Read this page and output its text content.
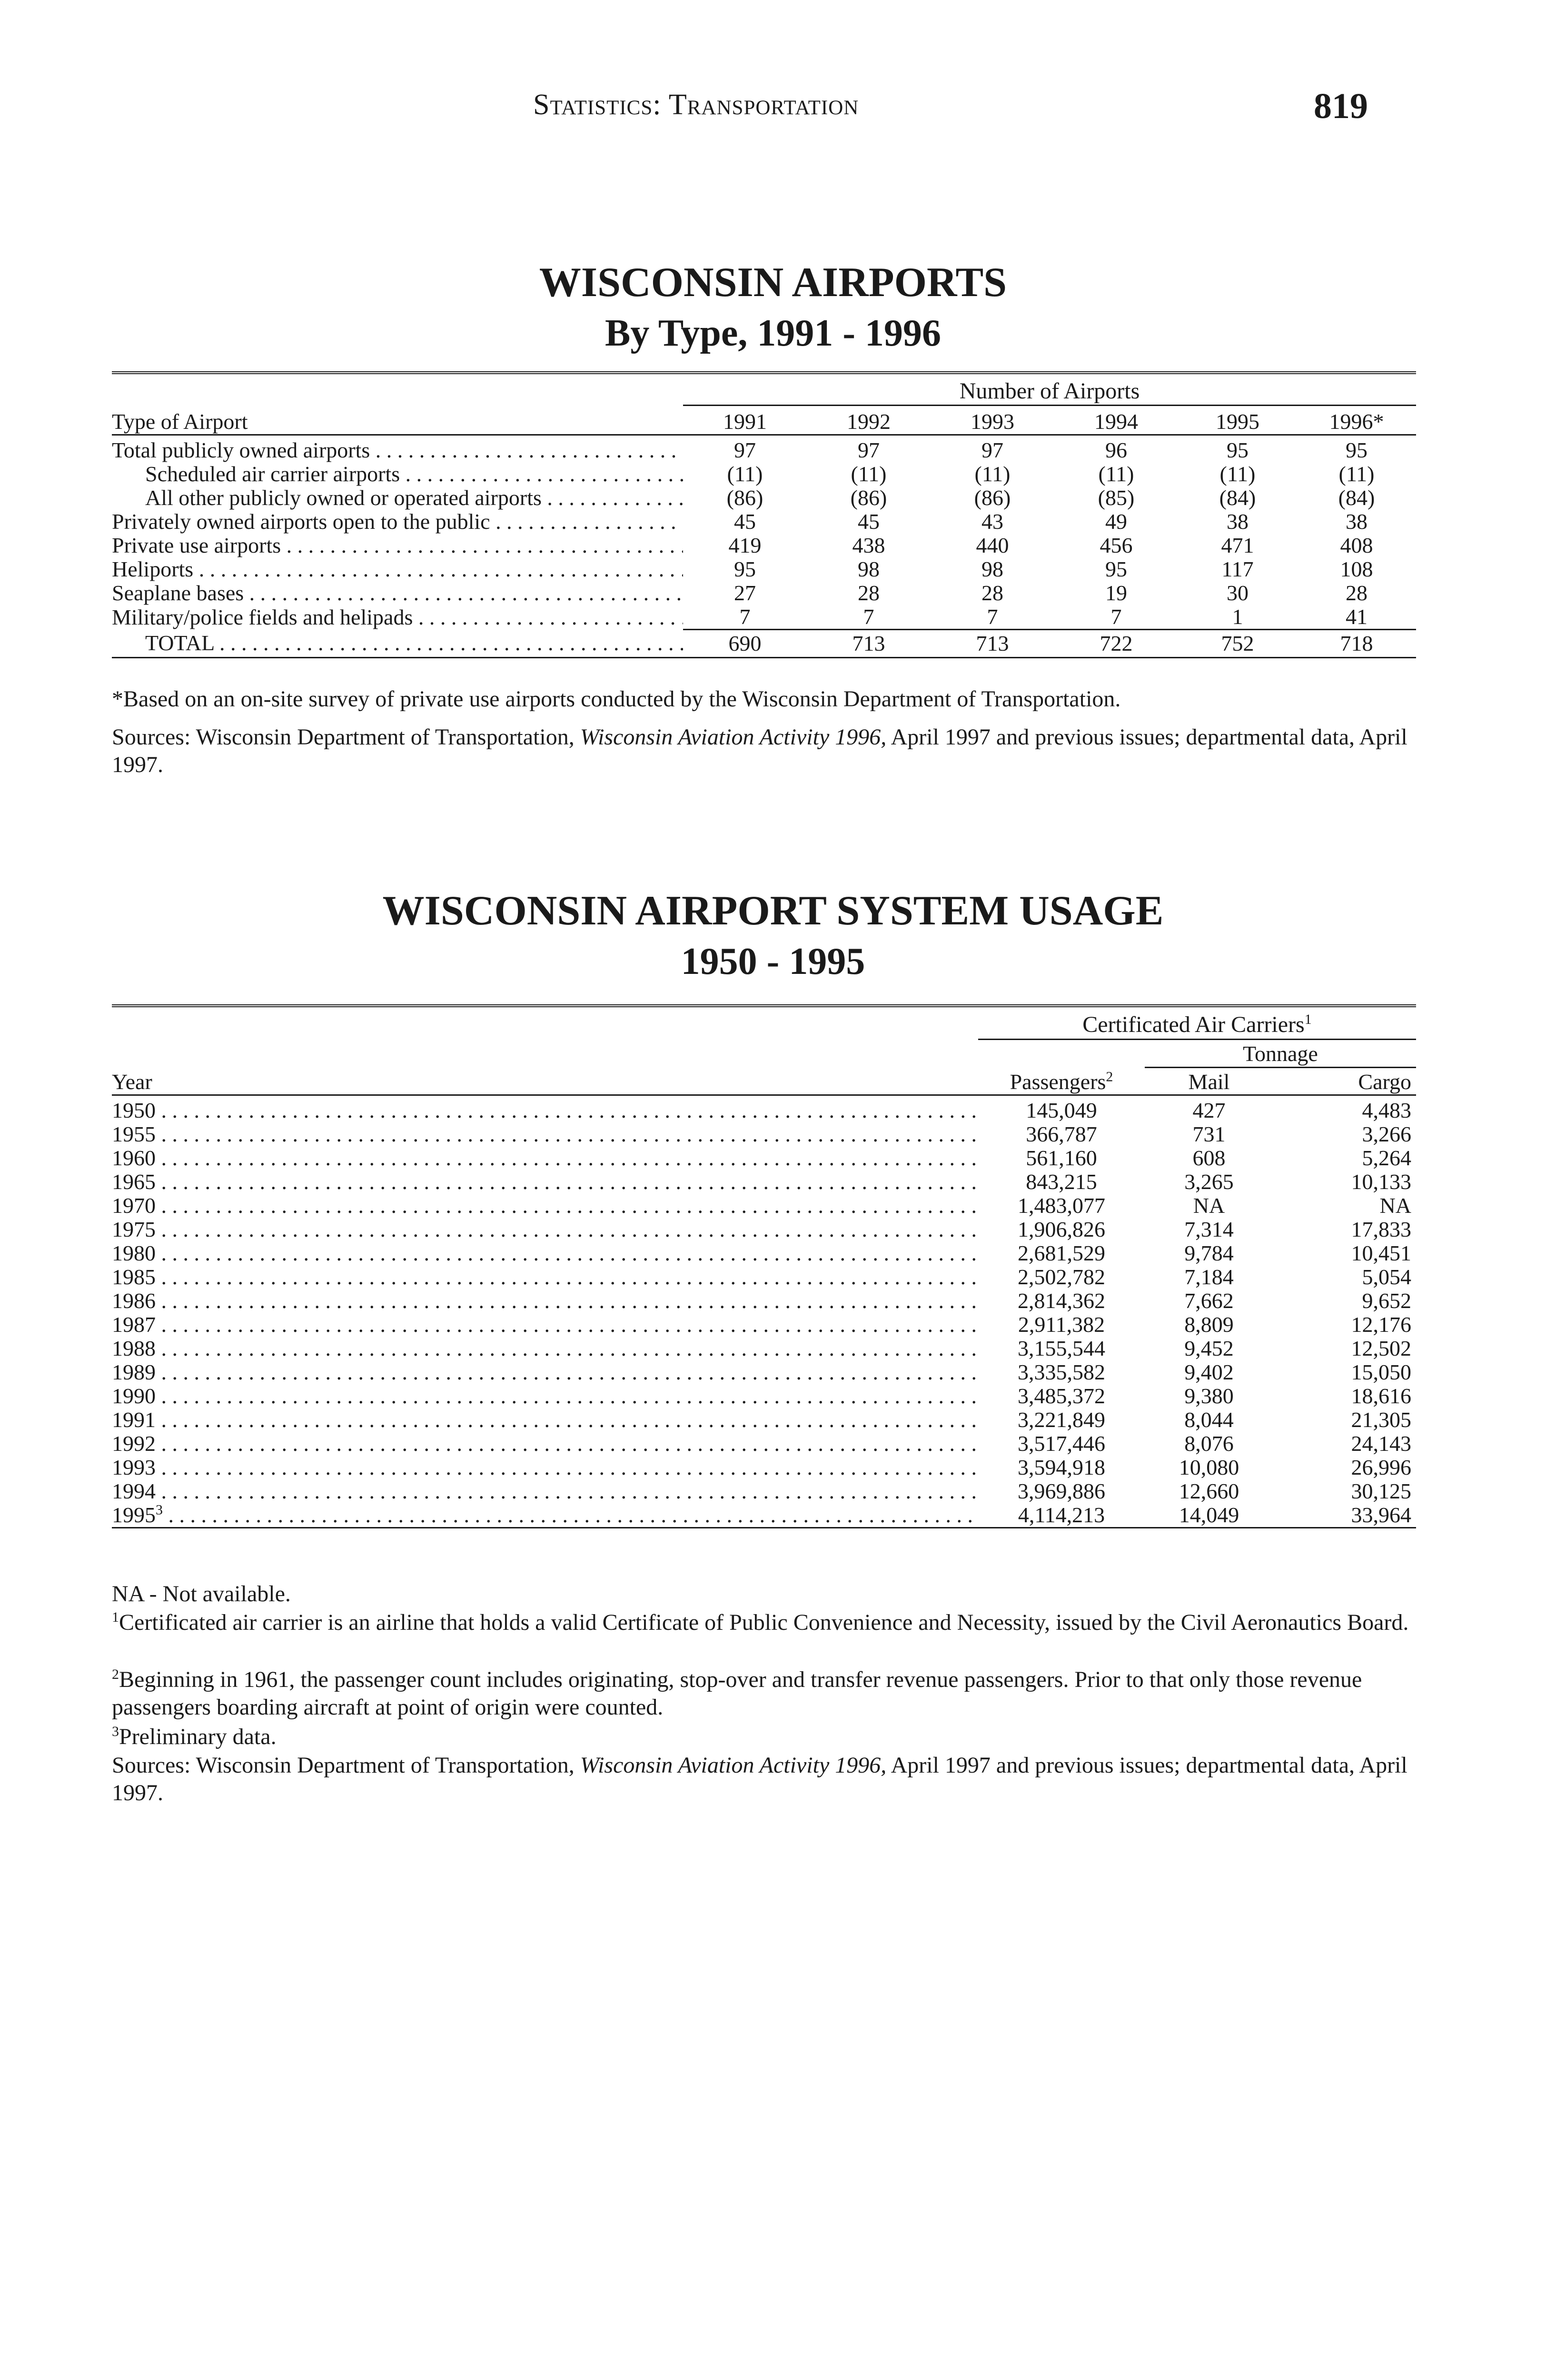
Statistics: Transportation	819
WISCONSIN AIRPORTS
By Type, 1991 - 1996

	Number of Airports					
Type of Airport	1991	1992	1993	1994	1995	1996*

Total publicly owned airports . . .	97	97	97	96	95	95
Scheduled air carrier airports . . .	(11)	(11)	(11)	(11)	(11)	(11)
All other publicly owned or operated airports . . .	(86)	(86)	(86)	(85)	(84)	(84)
Privately owned airports open to the public . . .	45	45	43	49	38	38
Private use airports . . .	419	438	440	456	471	408
Heliports . . .	95	98	98	95	117	108
Seaplane bases . . .	27	28	28	19	30	28
Military/police fields and helipads . . .	7	7	7	7	1	41
TOTAL . . .	690	713	713	722	752	718

*Based on an on-site survey of private use airports conducted by the Wisconsin Department of Transportation.
Sources: Wisconsin Department of Transportation, Wisconsin Aviation Activity 1996, April 1997 and previous issues; departmental data, April 1997.
WISCONSIN AIRPORT SYSTEM USAGE
1950 - 1995

	Certificated Air Carriers$^1$
		Tonnage	
Year	Passengers$^2$	Mail	Cargo

1950 . . .	145,049	427	4,483
1955 . . .	366,787	731	3,266
1960 . . .	561,160	608	5,264
1965 . . .	843,215	3,265	10,133
1970 . . .	1,483,077	NA	NA
1975 . . .	1,906,826	7,314	17,833
1980 . . .	2,681,529	9,784	10,451
1985 . . .	2,502,782	7,184	5,054
1986 . . .	2,814,362	7,662	9,652
1987 . . .	2,911,382	8,809	12,176
1988 . . .	3,155,544	9,452	12,502
1989 . . .	3,335,582	9,402	15,050
1990 . . .	3,485,372	9,380	18,616
1991 . . .	3,221,849	8,044	21,305
1992 . . .	3,517,446	8,076	24,143
1993 . . .	3,594,918	10,080	26,996
1994 . . .	3,969,886	12,660	30,125
1995$^3$ . . .	4,114,213	14,049	33,964

NA - Not available.
$^1$Certificated air carrier is an airline that holds a valid Certificate of Public Convenience and Necessity, issued by the Civil Aeronautics Board.
$^2$Beginning in 1961, the passenger count includes originating, stop-over and transfer revenue passengers. Prior to that only those revenue passengers boarding aircraft at point of origin were counted.
$^3$Preliminary data.
Sources: Wisconsin Department of Transportation, Wisconsin Aviation Activity 1996, April 1997 and previous issues; departmental data, April 1997.
